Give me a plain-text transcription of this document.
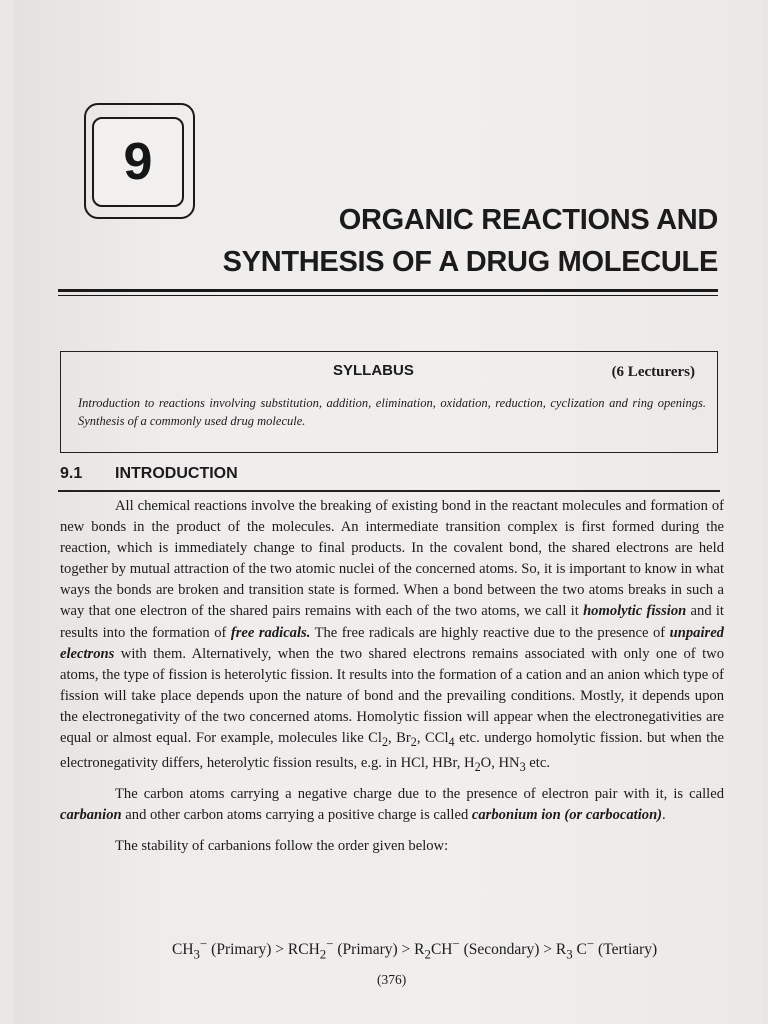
9
ORGANIC REACTIONS AND
SYNTHESIS OF A DRUG MOLECULE
SYLLABUS	(6 Lecturers)
Introduction to reactions involving substitution, addition, elimination, oxidation, reduction, cyclization and ring openings. Synthesis of a commonly used drug molecule.
9.1 INTRODUCTION

All chemical reactions involve the breaking of existing bond in the reactant molecules and formation of new bonds in the product of the molecules. An intermediate transition complex is first formed during the reaction, which is immediately change to final products. In the covalent bond, the shared electrons are held together by mutual attraction of the two atomic nuclei of the concerned atoms. So, it is important to know in what ways the bonds are broken and transition state is formed. When a bond between the two atoms breaks in such a way that one electron of the shared pairs remains with each of the two atoms, we call it homolytic fission and it results into the formation of free radicals. The free radicals are highly reactive due to the presence of unpaired electrons with them. Alternatively, when the two shared electrons remains associated with only one of two atoms, the type of fission is heterolytic fission. It results into the formation of a cation and an anion which type of fission will take place depends upon the nature of bond and the prevailing conditions. Mostly, it depends upon the electronegativity of the two concerned atoms. Homolytic fission will appear when the electronegativities are equal or almost equal. For example, molecules like $Cl_2$, $Br_2$, CCl$_4$ etc. undergo homolytic fission. but when the electronegativity differs, heterolytic fission results, e.g. in HCl, HBr, $H_2O$, $HN_3$ etc.

The carbon atoms carrying a negative charge due to the presence of electron pair with it, is called carbanion and other carbon atoms carrying a positive charge is called carbonium ion (or carbocation).

The stability of carbanions follow the order given below:

$CH_3^-$ (Primary) > $RCH_2^-$ (Primary) > $R_2CH^-$ (Secondary) > $R_3$ C− (Tertiary)
(376)
